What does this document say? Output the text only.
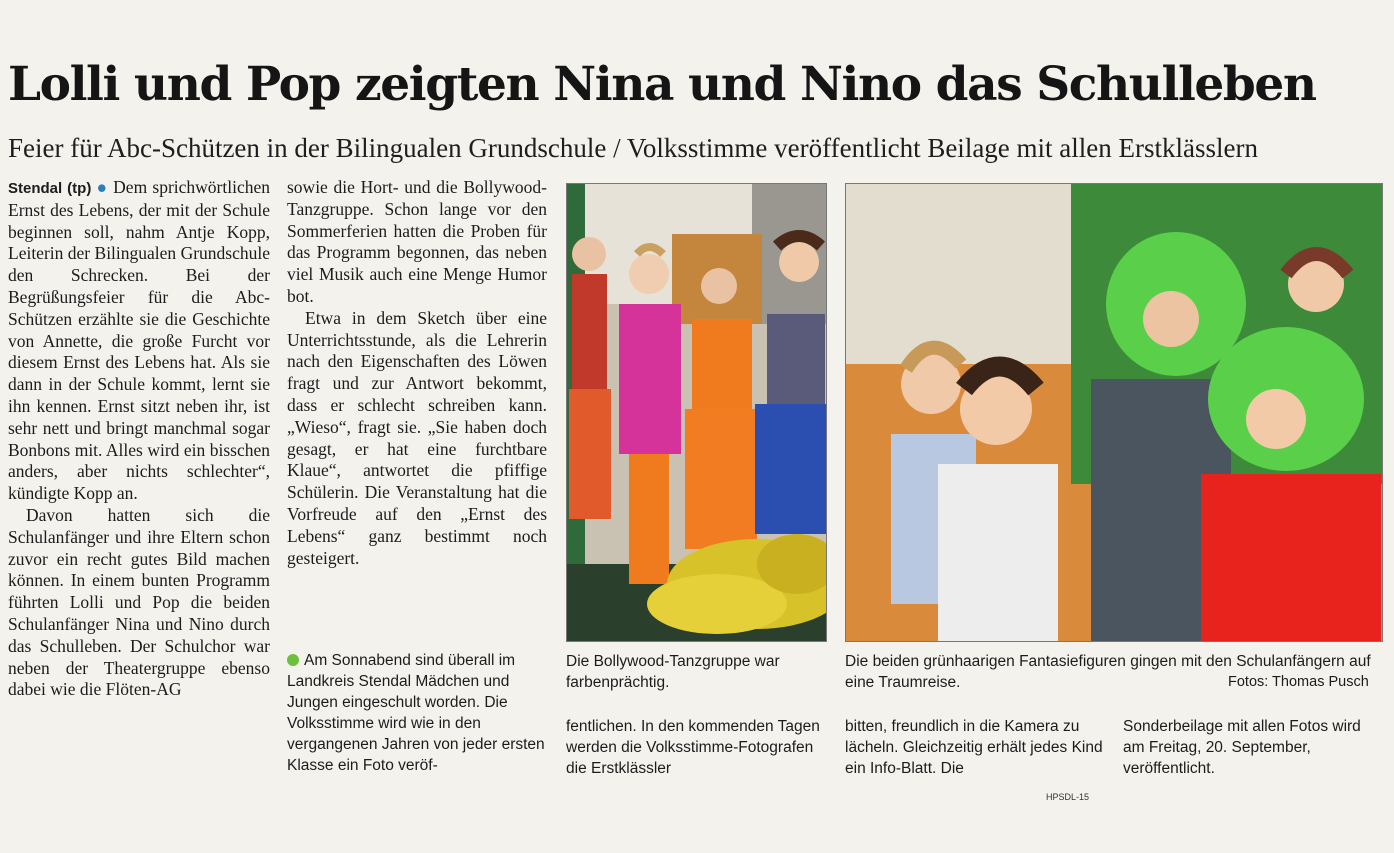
Lolli und Pop zeigten Nina und Nino das Schulleben
Feier für Abc-Schützen in der Bilingualen Grundschule / Volksstimme veröffentlicht Beilage mit allen Erstklässlern

Stendal (tp) ● Dem sprichwörtlichen Ernst des Lebens, der mit der Schule beginnen soll, nahm Antje Kopp, Leiterin der Bilingualen Grundschule den Schrecken. Bei der Begrüßungsfeier für die Abc-Schützen erzählte sie die Geschichte von Annette, die große Furcht vor diesem Ernst des Lebens hat. Als sie dann in der Schule kommt, lernt sie ihn kennen. Ernst sitzt neben ihr, ist sehr nett und bringt manchmal sogar Bonbons mit. Alles wird ein bisschen anders, aber nichts schlechter“, kündigte Kopp an.

Davon hatten sich die Schulanfänger und ihre Eltern schon zuvor ein recht gutes Bild machen können. In einem bunten Programm führten Lolli und Pop die beiden Schulanfänger Nina und Nino durch das Schulleben. Der Schulchor war neben der Theatergruppe ebenso dabei wie die Flöten-AG

sowie die Hort- und die Bollywood-Tanzgruppe. Schon lange vor den Sommerferien hatten die Proben für das Programm begonnen, das neben viel Musik auch eine Menge Humor bot.

Etwa in dem Sketch über eine Unterrichtsstunde, als die Lehrerin nach den Eigenschaften des Löwen fragt und zur Antwort bekommt, dass er schlecht schreiben kann. „Wieso“, fragt sie. „Sie haben doch gesagt, er hat eine furchtbare Klaue“, antwortet die pfiffige Schülerin. Die Veranstaltung hat die Vorfreude auf den „Ernst des Lebens“ ganz bestimmt noch gesteigert.

Am Sonnabend sind überall im Landkreis Stendal Mädchen und Jungen eingeschult worden. Die Volksstimme wird wie in den vergangenen Jahren von jeder ersten Klasse ein Foto veröf-
fentlichen. In den kommenden Tagen werden die Volksstimme-Fotografen die Erstklässler
bitten, freundlich in die Kamera zu lächeln. Gleichzeitig erhält jedes Kind ein Info-Blatt. Die
Sonderbeilage mit allen Fotos wird am Freitag, 20. September, veröffentlicht.
Die Bollywood-Tanzgruppe war farbenprächtig.
Die beiden grünhaarigen Fantasiefiguren gingen mit den Schulanfängern auf eine Traumreise.	Fotos: Thomas Pusch
HPSDL-15
